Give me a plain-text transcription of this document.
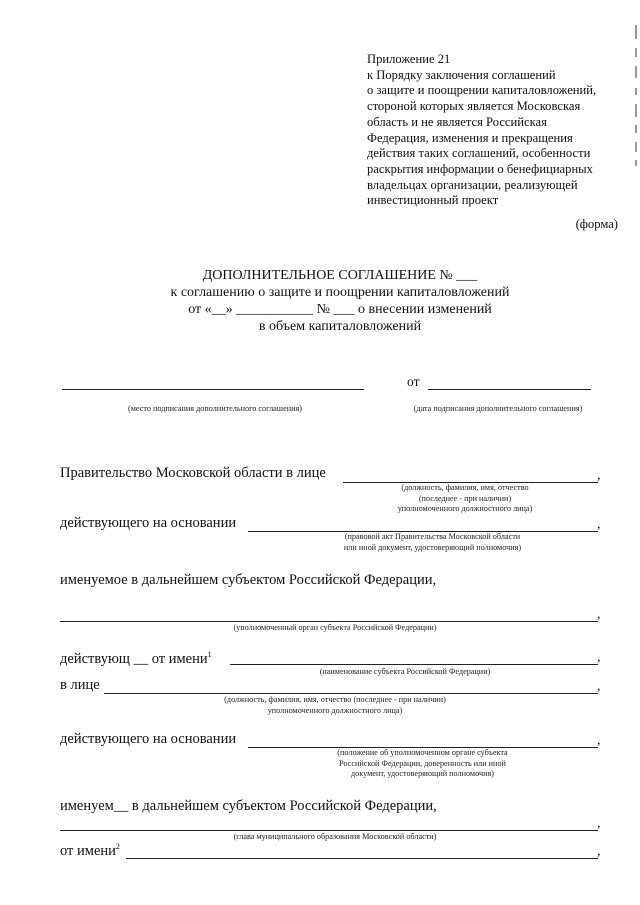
Приложение 21
к Порядку заключения соглашений
о защите и поощрении капиталовложений,
стороной которых является Московская
область и не является Российская
Федерация, изменения и прекращения
действия таких соглашений, особенности
раскрытия информации о бенефициарных
владельцах организации, реализующей
инвестиционный проект
(форма)
ДОПОЛНИТЕЛЬНОЕ СОГЛАШЕНИЕ № ___
к соглашению о защите и поощрении капиталовложений
от «__» ___________ № ___ о внесении изменений
в объем капиталовложений
от
(место подписания дополнительного соглашения)	(дата подписания дополнительного соглашения)
Правительство Московской области в лице	,
(должность, фамилия, имя, отчество
(последнее - при наличии)
уполномоченного должностного лица)
действующего на основании	,
(правовой акт Правительства Московской области
или иной документ, удостоверяющий полномочия)
именуемое в дальнейшем субъектом Российской Федерации,
,
(уполномоченный орган субъекта Российской Федерации)
действующ __ от имени$^1$	,
(наименование субъекта Российской Федерации)
в лице	,
(должность, фамилия, имя, отчество (последнее - при наличии)
уполномоченного должностного лица)
действующего на основании	,
(положение об уполномоченном органе субъекта
Российской Федерации, доверенность или иной
документ, удостоверяющий полномочия)
именуем__ в дальнейшем субъектом Российской Федерации,
,
(глава муниципального образования Московской области)
от имени$^2$	,
